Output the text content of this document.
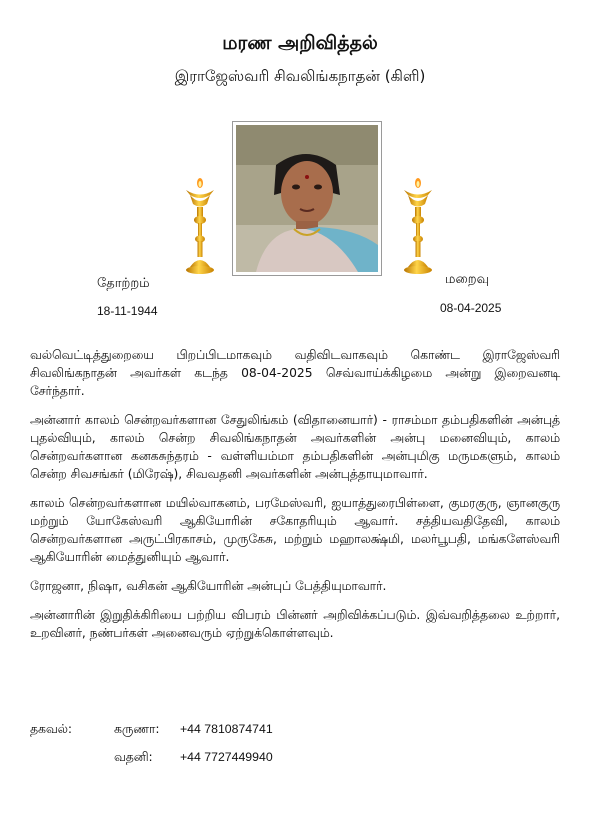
மரண அறிவித்தல்
இராஜேஸ்வரி சிவலிங்கநாதன் (கிளி)
தோற்றம்
18-11-1944
மறைவு
08-04-2025

வல்வெட்டித்துறையை பிறப்பிடமாகவும் வதிவிடவாகவும் கொண்ட இராஜேஸ்வரி சிவலிங்கநாதன் அவர்கள் கடந்த 08-04-2025 செவ்வாய்க்கிழமை அன்று இறைவனடி சேர்ந்தார்.

அன்னார் காலம் சென்றவர்களான சேதுலிங்கம் (விதானையார்) - ராசம்மா தம்பதிகளின் அன்புத் புதல்வியும், காலம் சென்ற சிவலிங்கநாதன் அவர்களின் அன்பு மனைவியும், காலம் சென்றவர்களான கனகசுந்தரம் - வள்ளியம்மா தம்பதிகளின் அன்புமிகு மருமகளும், காலம் சென்ற சிவசங்கர் (மிரேஷ்), சிவவதனி அவர்களின் அன்புத்தாயுமாவார்.

காலம் சென்றவர்களான மயில்வாகனம், பரமேஸ்வரி, ஐயாத்துரைபிள்ளை, குமரகுரு, ஞானகுரு மற்றும் யோகேஸ்வரி ஆகியோரின் சகோதரியும் ஆவார். சத்தியவதிதேவி, காலம் சென்றவர்களான அருட்பிரகாசம், முருகேசு, மற்றும் மஹாலக்ஷ்மி, மலர்பூபதி, மங்களேஸ்வரி ஆகியோரின் மைத்துனியும் ஆவார்.

ரோஜனா, நிஷா, வசிகன் ஆகியோரின் அன்புப் பேத்தியுமாவார்.

அன்னாரின் இறுதிக்கிரியை பற்றிய விபரம் பின்னர் அறிவிக்கப்படும். இவ்வறித்தலை உற்றார், உறவினர், நண்பர்கள் அனைவரும் ஏற்றுக்கொள்ளவும்.

தகவல்:	கருணா: +44 7810874741
வதனி: +44 7727449940
